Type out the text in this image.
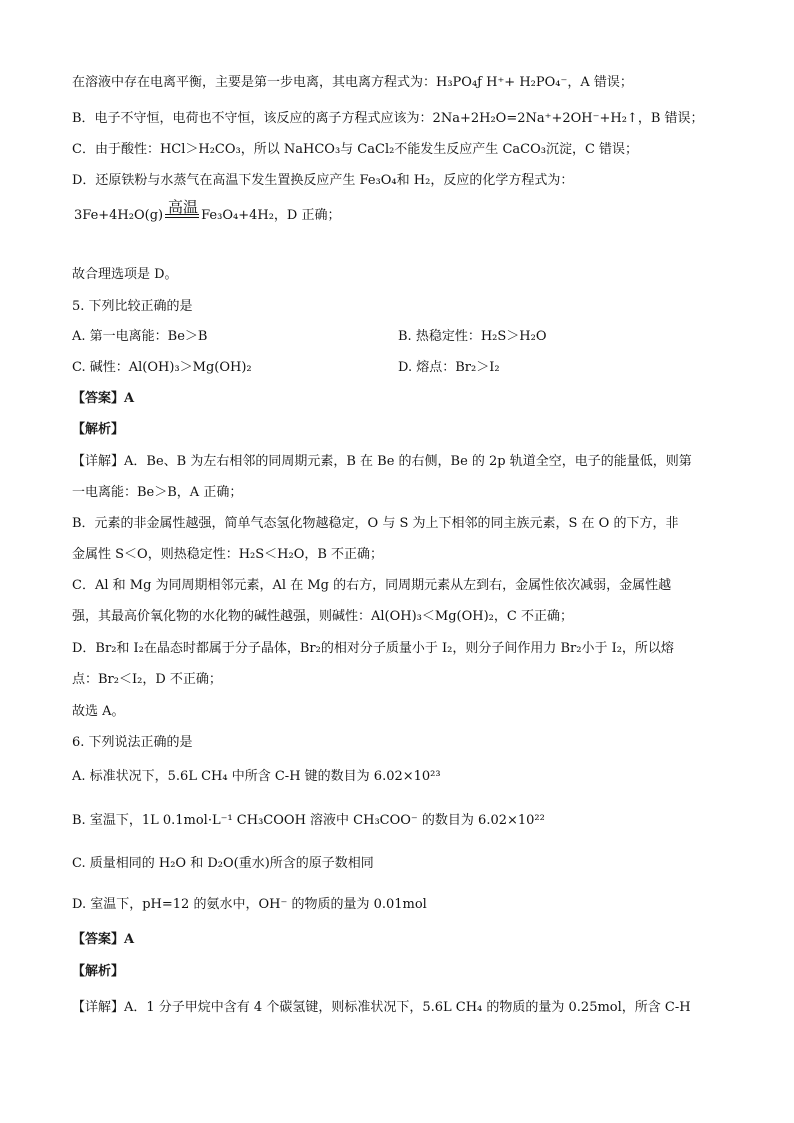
在溶液中存在电离平衡，主要是第一步电离，其电离方程式为：H₃PO₄ƒ H⁺+ H₂PO₄⁻，A 错误；
B．电子不守恒，电荷也不守恒，该反应的离子方程式应该为：2Na+2H₂O=2Na⁺+2OH⁻+H₂↑，B 错误；
C．由于酸性：HCl＞H₂CO₃，所以 NaHCO₃与 CaCl₂不能发生反应产生 CaCO₃沉淀，C 错误；
D．还原铁粉与水蒸气在高温下发生置换反应产生 Fe₃O₄和 H₂，反应的化学方程式为：
高温
3Fe+4H₂O(g)	Fe₃O₄+4H₂，D 正确；
故合理选项是 D。
5. 下列比较正确的是
A. 第一电离能：Be＞B	B. 热稳定性：H₂S＞H₂O
C. 碱性：Al(OH)₃＞Mg(OH)₂	D. 熔点：Br₂＞I₂
【答案】A
【解析】
【详解】A．Be、B 为左右相邻的同周期元素，B 在 Be 的右侧，Be 的 2p 轨道全空，电子的能量低，则第
一电离能：Be＞B，A 正确；
B．元素的非金属性越强，简单气态氢化物越稳定，O 与 S 为上下相邻的同主族元素，S 在 O 的下方，非
金属性 S＜O，则热稳定性：H₂S＜H₂O，B 不正确；
C．Al 和 Mg 为同周期相邻元素，Al 在 Mg 的右方，同周期元素从左到右，金属性依次减弱，金属性越
强，其最高价氧化物的水化物的碱性越强，则碱性：Al(OH)₃＜Mg(OH)₂，C 不正确；
D．Br₂和 I₂在晶态时都属于分子晶体，Br₂的相对分子质量小于 I₂，则分子间作用力 Br₂小于 I₂，所以熔
点：Br₂＜I₂，D 不正确；
故选 A。
6. 下列说法正确的是
A. 标准状况下，5.6L CH₄ 中所含 C-H 键的数目为 6.02×10²³
B. 室温下，1L 0.1mol·L⁻¹ CH₃COOH 溶液中 CH₃COO⁻ 的数目为 6.02×10²²
C. 质量相同的 H₂O 和 D₂O(重水)所含的原子数相同
D. 室温下，pH=12 的氨水中，OH⁻ 的物质的量为 0.01mol
【答案】A
【解析】
【详解】A．1 分子甲烷中含有 4 个碳氢键，则标准状况下，5.6L CH₄ 的物质的量为 0.25mol，所含 C-H
